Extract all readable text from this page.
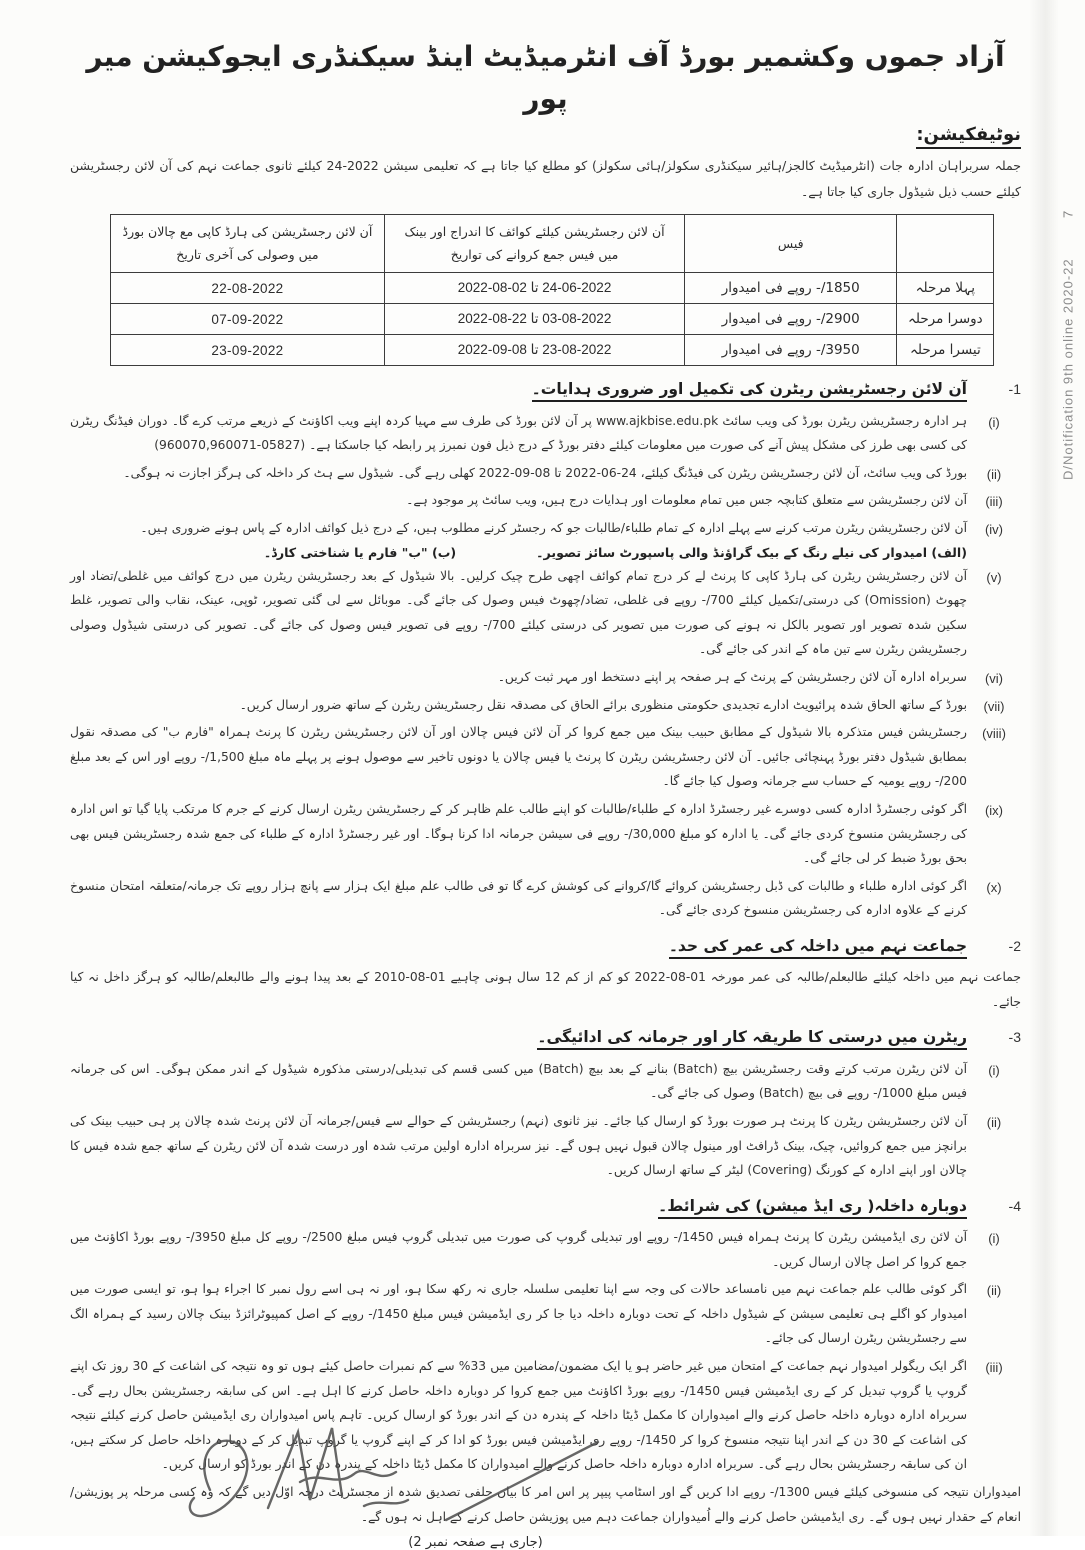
D/Notification 9th online 2020-22
7
آزاد جموں وکشمیر بورڈ آف انٹرمیڈیٹ اینڈ سیکنڈری ایجوکیشن میر پور
نوٹیفکیشن:

جملہ سربراہان ادارہ جات (انٹرمیڈیٹ کالجز/ہائیر سیکنڈری سکولز/ہائی سکولز) کو مطلع کیا جاتا ہے کہ تعلیمی سیشن 2022-24 کیلئے ثانوی جماعت نہم کی آن لائن رجسٹریشن کیلئے حسب ذیل شیڈول جاری کیا جاتا ہے۔

	فیس	آن لائن رجسٹریشن کیلئے کوائف کا اندراج اور بینک میں فیس جمع کروانے کی تواریخ	آن لائن رجسٹریشن کی ہارڈ کاپی مع چالان بورڈ میں وصولی کی آخری تاریخ
پہلا مرحلہ	1850/- روپے فی امیدوار	24-06-2022 تا 02-08-2022	22-08-2022
دوسرا مرحلہ	2900/- روپے فی امیدوار	03-08-2022 تا 22-08-2022	07-09-2022
تیسرا مرحلہ	3950/- روپے فی امیدوار	23-08-2022 تا 08-09-2022	23-09-2022
-1
آن لائن رجسٹریشن ریٹرن کی تکمیل اور ضروری ہدایات۔
(i)

ہر ادارہ رجسٹریشن ریٹرن بورڈ کی ویب سائٹ www.ajkbise.edu.pk پر آن لائن بورڈ کی طرف سے مہیا کردہ اپنے ویب اکاؤنٹ کے ذریعے مرتب کرے گا۔ دوران فیڈنگ ریٹرن کی کسی بھی طرز کی مشکل پیش آنے کی صورت میں معلومات کیلئے دفتر بورڈ کے درج ذیل فون نمبرز پر رابطہ کیا جاسکتا ہے۔ (05827-960070,960071)

(ii)

بورڈ کی ویب سائٹ، آن لائن رجسٹریشن ریٹرن کی فیڈنگ کیلئے، 24-06-2022 تا 08-09-2022 کھلی رہے گی۔ شیڈول سے ہٹ کر داخلہ کی ہرگز اجازت نہ ہوگی۔

(iii)

آن لائن رجسٹریشن سے متعلق کتابچہ جس میں تمام معلومات اور ہدایات درج ہیں، ویب سائٹ پر موجود ہے۔

(iv)

آن لائن رجسٹریشن ریٹرن مرتب کرنے سے پہلے ادارہ کے تمام طلباء/طالبات جو کہ رجسٹر کرنے مطلوب ہیں، کے درج ذیل کوائف ادارہ کے پاس ہونے ضروری ہیں۔

(الف) امیدوار کی نیلے رنگ کے بیک گراؤنڈ والی پاسپورٹ سائز تصویر۔
(ب) "ب" فارم یا شناختی کارڈ۔
(v)

آن لائن رجسٹریشن ریٹرن کی ہارڈ کاپی کا پرنٹ لے کر درج تمام کوائف اچھی طرح چیک کرلیں۔ بالا شیڈول کے بعد رجسٹریشن ریٹرن میں درج کوائف میں غلطی/تضاد اور چھوٹ (Omission) کی درستی/تکمیل کیلئے 700/- روپے فی غلطی، تضاد/چھوٹ فیس وصول کی جائے گی۔ موبائل سے لی گئی تصویر، ٹوپی، عینک، نقاب والی تصویر، غلط سکین شدہ تصویر اور تصویر بالکل نہ ہونے کی صورت میں تصویر کی درستی کیلئے 700/- روپے فی تصویر فیس وصول کی جائے گی۔ تصویر کی درستی شیڈول وصولی رجسٹریشن ریٹرن سے تین ماہ کے اندر کی جائے گی۔

(vi)

سربراہ ادارہ آن لائن رجسٹریشن کے پرنٹ کے ہر صفحہ پر اپنے دستخط اور مہر ثبت کریں۔

(vii)

بورڈ کے ساتھ الحاق شدہ پرائیویٹ ادارے تجدیدی حکومتی منظوری برائے الحاق کی مصدقہ نقل رجسٹریشن ریٹرن کے ساتھ ضرور ارسال کریں۔

(viii)

رجسٹریشن فیس متذکرہ بالا شیڈول کے مطابق حبیب بینک میں جمع کروا کر آن لائن فیس چالان اور آن لائن رجسٹریشن ریٹرن کا پرنٹ ہمراہ "فارم ب" کی مصدقہ نقول بمطابق شیڈول دفتر بورڈ پہنچائی جائیں۔ آن لائن رجسٹریشن ریٹرن کا پرنٹ یا فیس چالان یا دونوں تاخیر سے موصول ہونے پر پہلے ماہ مبلغ 1,500/- روپے اور اس کے بعد مبلغ 200/- روپے یومیہ کے حساب سے جرمانہ وصول کیا جائے گا۔

(ix)

اگر کوئی رجسٹرڈ ادارہ کسی دوسرے غیر رجسٹرڈ ادارہ کے طلباء/طالبات کو اپنے طالب علم ظاہر کر کے رجسٹریشن ریٹرن ارسال کرنے کے جرم کا مرتکب پایا گیا تو اس ادارہ کی رجسٹریشن منسوخ کردی جائے گی۔ یا ادارہ کو مبلغ 30,000/- روپے فی سیشن جرمانہ ادا کرنا ہوگا۔ اور غیر رجسٹرڈ ادارہ کے طلباء کی جمع شدہ رجسٹریشن فیس بھی بحق بورڈ ضبط کر لی جائے گی۔

(x)

اگر کوئی ادارہ طلباء و طالبات کی ڈبل رجسٹریشن کروائے گا/کروانے کی کوشش کرے گا تو فی طالب علم مبلغ ایک ہزار سے پانچ ہزار روپے تک جرمانہ/متعلقہ امتحان منسوخ کرنے کے علاوہ ادارہ کی رجسٹریشن منسوخ کردی جائے گی۔

-2
جماعت نہم میں داخلہ کی عمر کی حد۔

جماعت نہم میں داخلہ کیلئے طالبعلم/طالبہ کی عمر مورخہ 01-08-2022 کو کم از کم 12 سال ہونی چاہیے 01-08-2010 کے بعد پیدا ہونے والے طالبعلم/طالبہ کو ہرگز داخل نہ کیا جائے۔

-3
ریٹرن میں درستی کا طریقہ کار اور جرمانہ کی ادائیگی۔
(i)

آن لائن ریٹرن مرتب کرتے وقت رجسٹریشن بیچ (Batch) بنانے کے بعد بیچ (Batch) میں کسی قسم کی تبدیلی/درستی مذکورہ شیڈول کے اندر ممکن ہوگی۔ اس کی جرمانہ فیس مبلغ 1000/- روپے فی بیچ (Batch) وصول کی جائے گی۔

(ii)

آن لائن رجسٹریشن ریٹرن کا پرنٹ ہر صورت بورڈ کو ارسال کیا جائے۔ نیز ثانوی (نہم) رجسٹریشن کے حوالے سے فیس/جرمانہ آن لائن پرنٹ شدہ چالان پر ہی حبیب بینک کی برانچز میں جمع کروائیں، چیک، بینک ڈرافٹ اور مینول چالان قبول نہیں ہوں گے۔ نیز سربراہ ادارہ اولین مرتب شدہ اور درست شدہ آن لائن ریٹرن کے ساتھ جمع شدہ فیس کا چالان اور اپنے ادارہ کے کورنگ (Covering) لیٹر کے ساتھ ارسال کریں۔

-4
دوبارہ داخلہ( ری ایڈ میشن) کی شرائط۔
(i)

آن لائن ری ایڈمیشن ریٹرن کا پرنٹ ہمراہ فیس 1450/- روپے اور تبدیلی گروپ کی صورت میں تبدیلی گروپ فیس مبلغ 2500/- روپے کل مبلغ 3950/- روپے بورڈ اکاؤنٹ میں جمع کروا کر اصل چالان ارسال کریں۔

(ii)

اگر کوئی طالب علم جماعت نہم میں نامساعد حالات کی وجہ سے اپنا تعلیمی سلسلہ جاری نہ رکھ سکا ہو، اور نہ ہی اسے رول نمبر کا اجراء ہوا ہو، تو ایسی صورت میں امیدوار کو اگلے ہی تعلیمی سیشن کے شیڈول داخلہ کے تحت دوبارہ داخلہ دیا جا کر ری ایڈمیشن فیس مبلغ 1450/- روپے کے اصل کمپیوٹرائزڈ بینک چالان رسید کے ہمراہ الگ سے رجسٹریشن ریٹرن ارسال کی جائے۔

(iii)

اگر ایک ریگولر امیدوار نہم جماعت کے امتحان میں غیر حاضر ہو یا ایک مضمون/مضامین میں 33% سے کم نمبرات حاصل کیئے ہوں تو وہ نتیجہ کی اشاعت کے 30 روز تک اپنے گروپ یا گروپ تبدیل کر کے ری ایڈمیشن فیس 1450/- روپے بورڈ اکاؤنٹ میں جمع کروا کر دوبارہ داخلہ حاصل کرنے کا اہل ہے۔ اس کی سابقہ رجسٹریشن بحال رہے گی۔ سربراہ ادارہ دوبارہ داخلہ حاصل کرنے والے امیدواران کا مکمل ڈیٹا داخلہ کے پندرہ دن کے اندر بورڈ کو ارسال کریں۔ تاہم پاس امیدواران ری ایڈمیشن حاصل کرنے کیلئے نتیجہ کی اشاعت کے 30 دن کے اندر اپنا نتیجہ منسوخ کروا کر 1450/- روپے ری ایڈمیشن فیس بورڈ کو ادا کر کے اپنے گروپ یا گروپ تبدیل کر کے دوبارہ داخلہ حاصل کر سکتے ہیں، ان کی سابقہ رجسٹریشن بحال رہے گی۔ سربراہ ادارہ دوبارہ داخلہ حاصل کرنے والے امیدواران کا مکمل ڈیٹا داخلہ کے پندرہ دن کے اندر بورڈ کو ارسال کریں۔

امیدواران نتیجہ کی منسوخی کیلئے فیس 1300/- روپے ادا کریں گے اور اسٹامپ پیپر پر اس امر کا بیان حلفی تصدیق شدہ از مجسٹریٹ درجہ اوّل دیں گے کہ وہ کسی مرحلہ پر پوزیشن/انعام کے حقدار نہیں ہوں گے۔ ری ایڈمیشن حاصل کرنے والے اُمیدواران جماعت دہم میں پوزیشن حاصل کرنے کے اہل نہ ہوں گے۔

(جاری ہے صفحہ نمبر 2)
